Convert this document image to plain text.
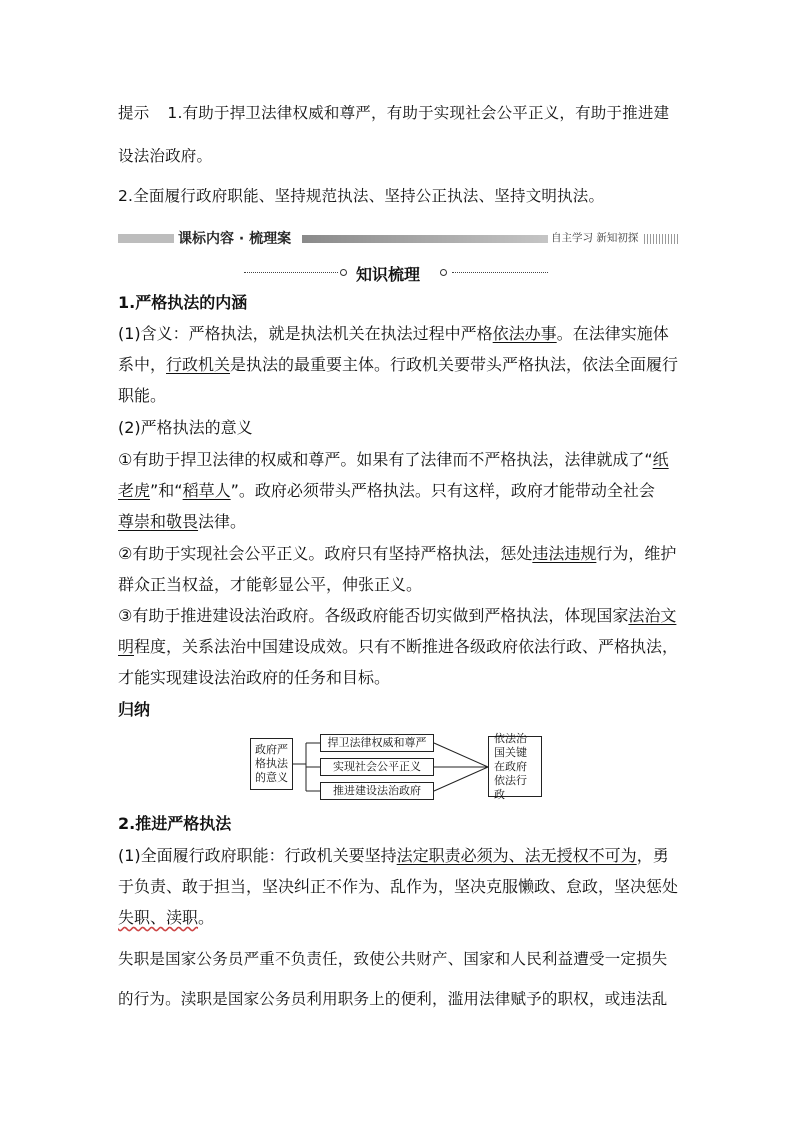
提示 1.有助于捍卫法律权威和尊严，有助于实现社会公平正义，有助于推进建
设法治政府。
2.全面履行政府职能、坚持规范执法、坚持公正执法、坚持文明执法。
课标内容 · 梳理案	自主学习 新知初探
知识梳理
1.严格执法的内涵
(1)含义：严格执法，就是执法机关在执法过程中严格依法办事。在法律实施体
系中，行政机关是执法的最重要主体。行政机关要带头严格执法，依法全面履行
职能。
(2)严格执法的意义
①有助于捍卫法律的权威和尊严。如果有了法律而不严格执法，法律就成了“纸
老虎”和“稻草人”。政府必须带头严格执法。只有这样，政府才能带动全社会
尊崇和敬畏法律。
②有助于实现社会公平正义。政府只有坚持严格执法，惩处违法违规行为，维护
群众正当权益，才能彰显公平，伸张正义。
③有助于推进建设法治政府。各级政府能否切实做到严格执法，体现国家法治文
明程度，关系法治中国建设成效。只有不断推进各级政府依法行政、严格执法，
才能实现建设法治政府的任务和目标。
归纳
政府严格执法的意义
捍卫法律权威和尊严
实现社会公平正义
推进建设法治政府
依法治国关键在政府依法行政
2.推进严格执法
(1)全面履行政府职能：行政机关要坚持法定职责必须为、法无授权不可为，勇
于负责、敢于担当，坚决纠正不作为、乱作为，坚决克服懒政、怠政，坚决惩处
失职、渎职。
失职是国家公务员严重不负责任，致使公共财产、国家和人民利益遭受一定损失
的行为。渎职是国家公务员利用职务上的便利，滥用法律赋予的职权，或违法乱
